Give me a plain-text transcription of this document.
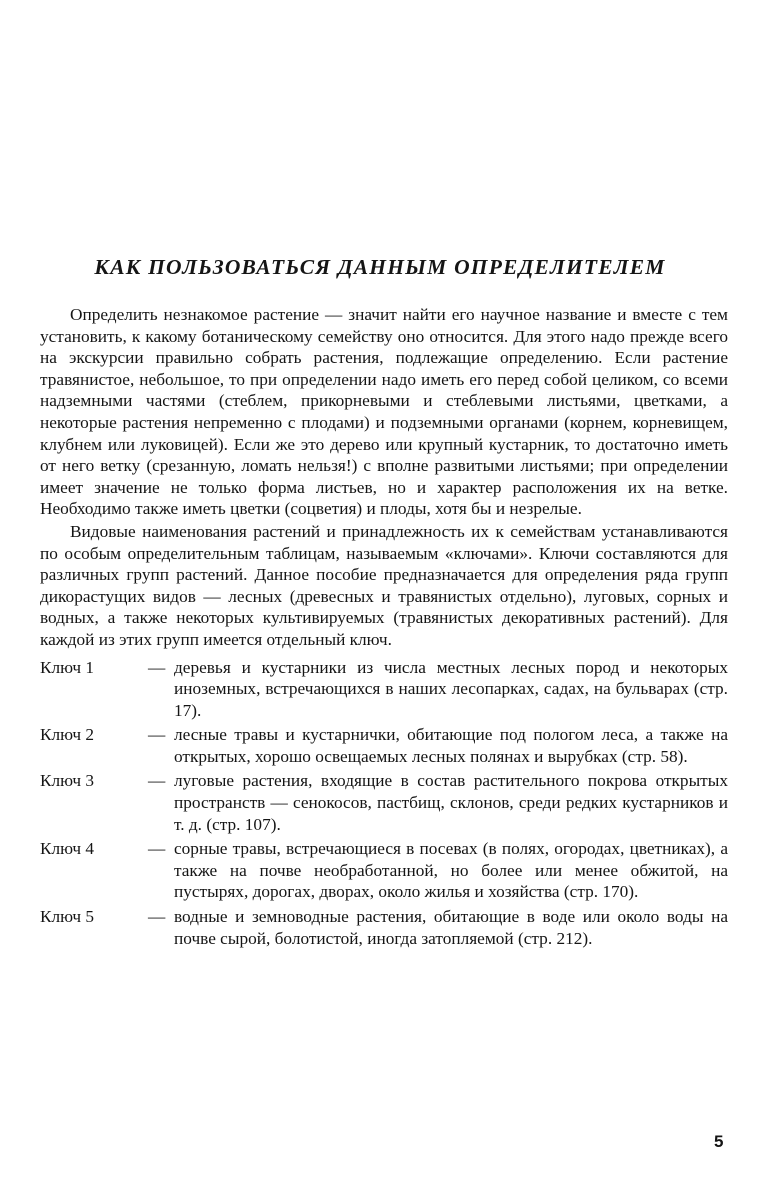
КАК ПОЛЬЗОВАТЬСЯ ДАННЫМ ОПРЕДЕЛИТЕЛЕМ

Определить незнакомое растение — значит найти его научное название и вместе с тем установить, к какому ботаническому семейству оно относится. Для этого надо прежде всего на экскурсии правильно собрать растения, подлежащие определению. Если растение травянистое, небольшое, то при определении надо иметь его перед собой целиком, со всеми надземными частями (стеблем, прикорневыми и стеблевыми листьями, цветками, а некоторые растения непременно с плодами) и подземными органами (корнем, корневищем, клубнем или луковицей). Если же это дерево или крупный кустарник, то достаточно иметь от него ветку (срезанную, ломать нельзя!) с вполне развитыми листьями; при определении имеет значение не только форма листьев, но и характер расположения их на ветке. Необходимо также иметь цветки (соцветия) и плоды, хотя бы и незрелые.

Видовые наименования растений и принадлежность их к семействам устанавливаются по особым определительным таблицам, называемым «ключами». Ключи составляются для различных групп растений. Данное пособие предназначается для определения ряда групп дикорастущих видов — лесных (древесных и травянистых отдельно), луговых, сорных и водных, а также некоторых культивируемых (травянистых декоративных растений). Для каждой из этих групп имеется отдельный ключ.

Ключ 1	— деревья и кустарники из числа местных лесных пород и некоторых иноземных, встречающихся в наших лесопарках, садах, на бульварах (стр. 17).
Ключ 2	— лесные травы и кустарнички, обитающие под пологом леса, а также на открытых, хорошо освещаемых лесных полянах и вырубках (стр. 58).
Ключ 3	— луговые растения, входящие в состав растительного покрова открытых пространств — сенокосов, пастбищ, склонов, среди редких кустарников и т. д. (стр. 107).
Ключ 4	— сорные травы, встречающиеся в посевах (в полях, огородах, цветниках), а также на почве необработанной, но более или менее обжитой, на пустырях, дорогах, дворах, около жилья и хозяйства (стр. 170).
Ключ 5	— водные и земноводные растения, обитающие в воде или около воды на почве сырой, болотистой, иногда затопляемой (стр. 212).
5
